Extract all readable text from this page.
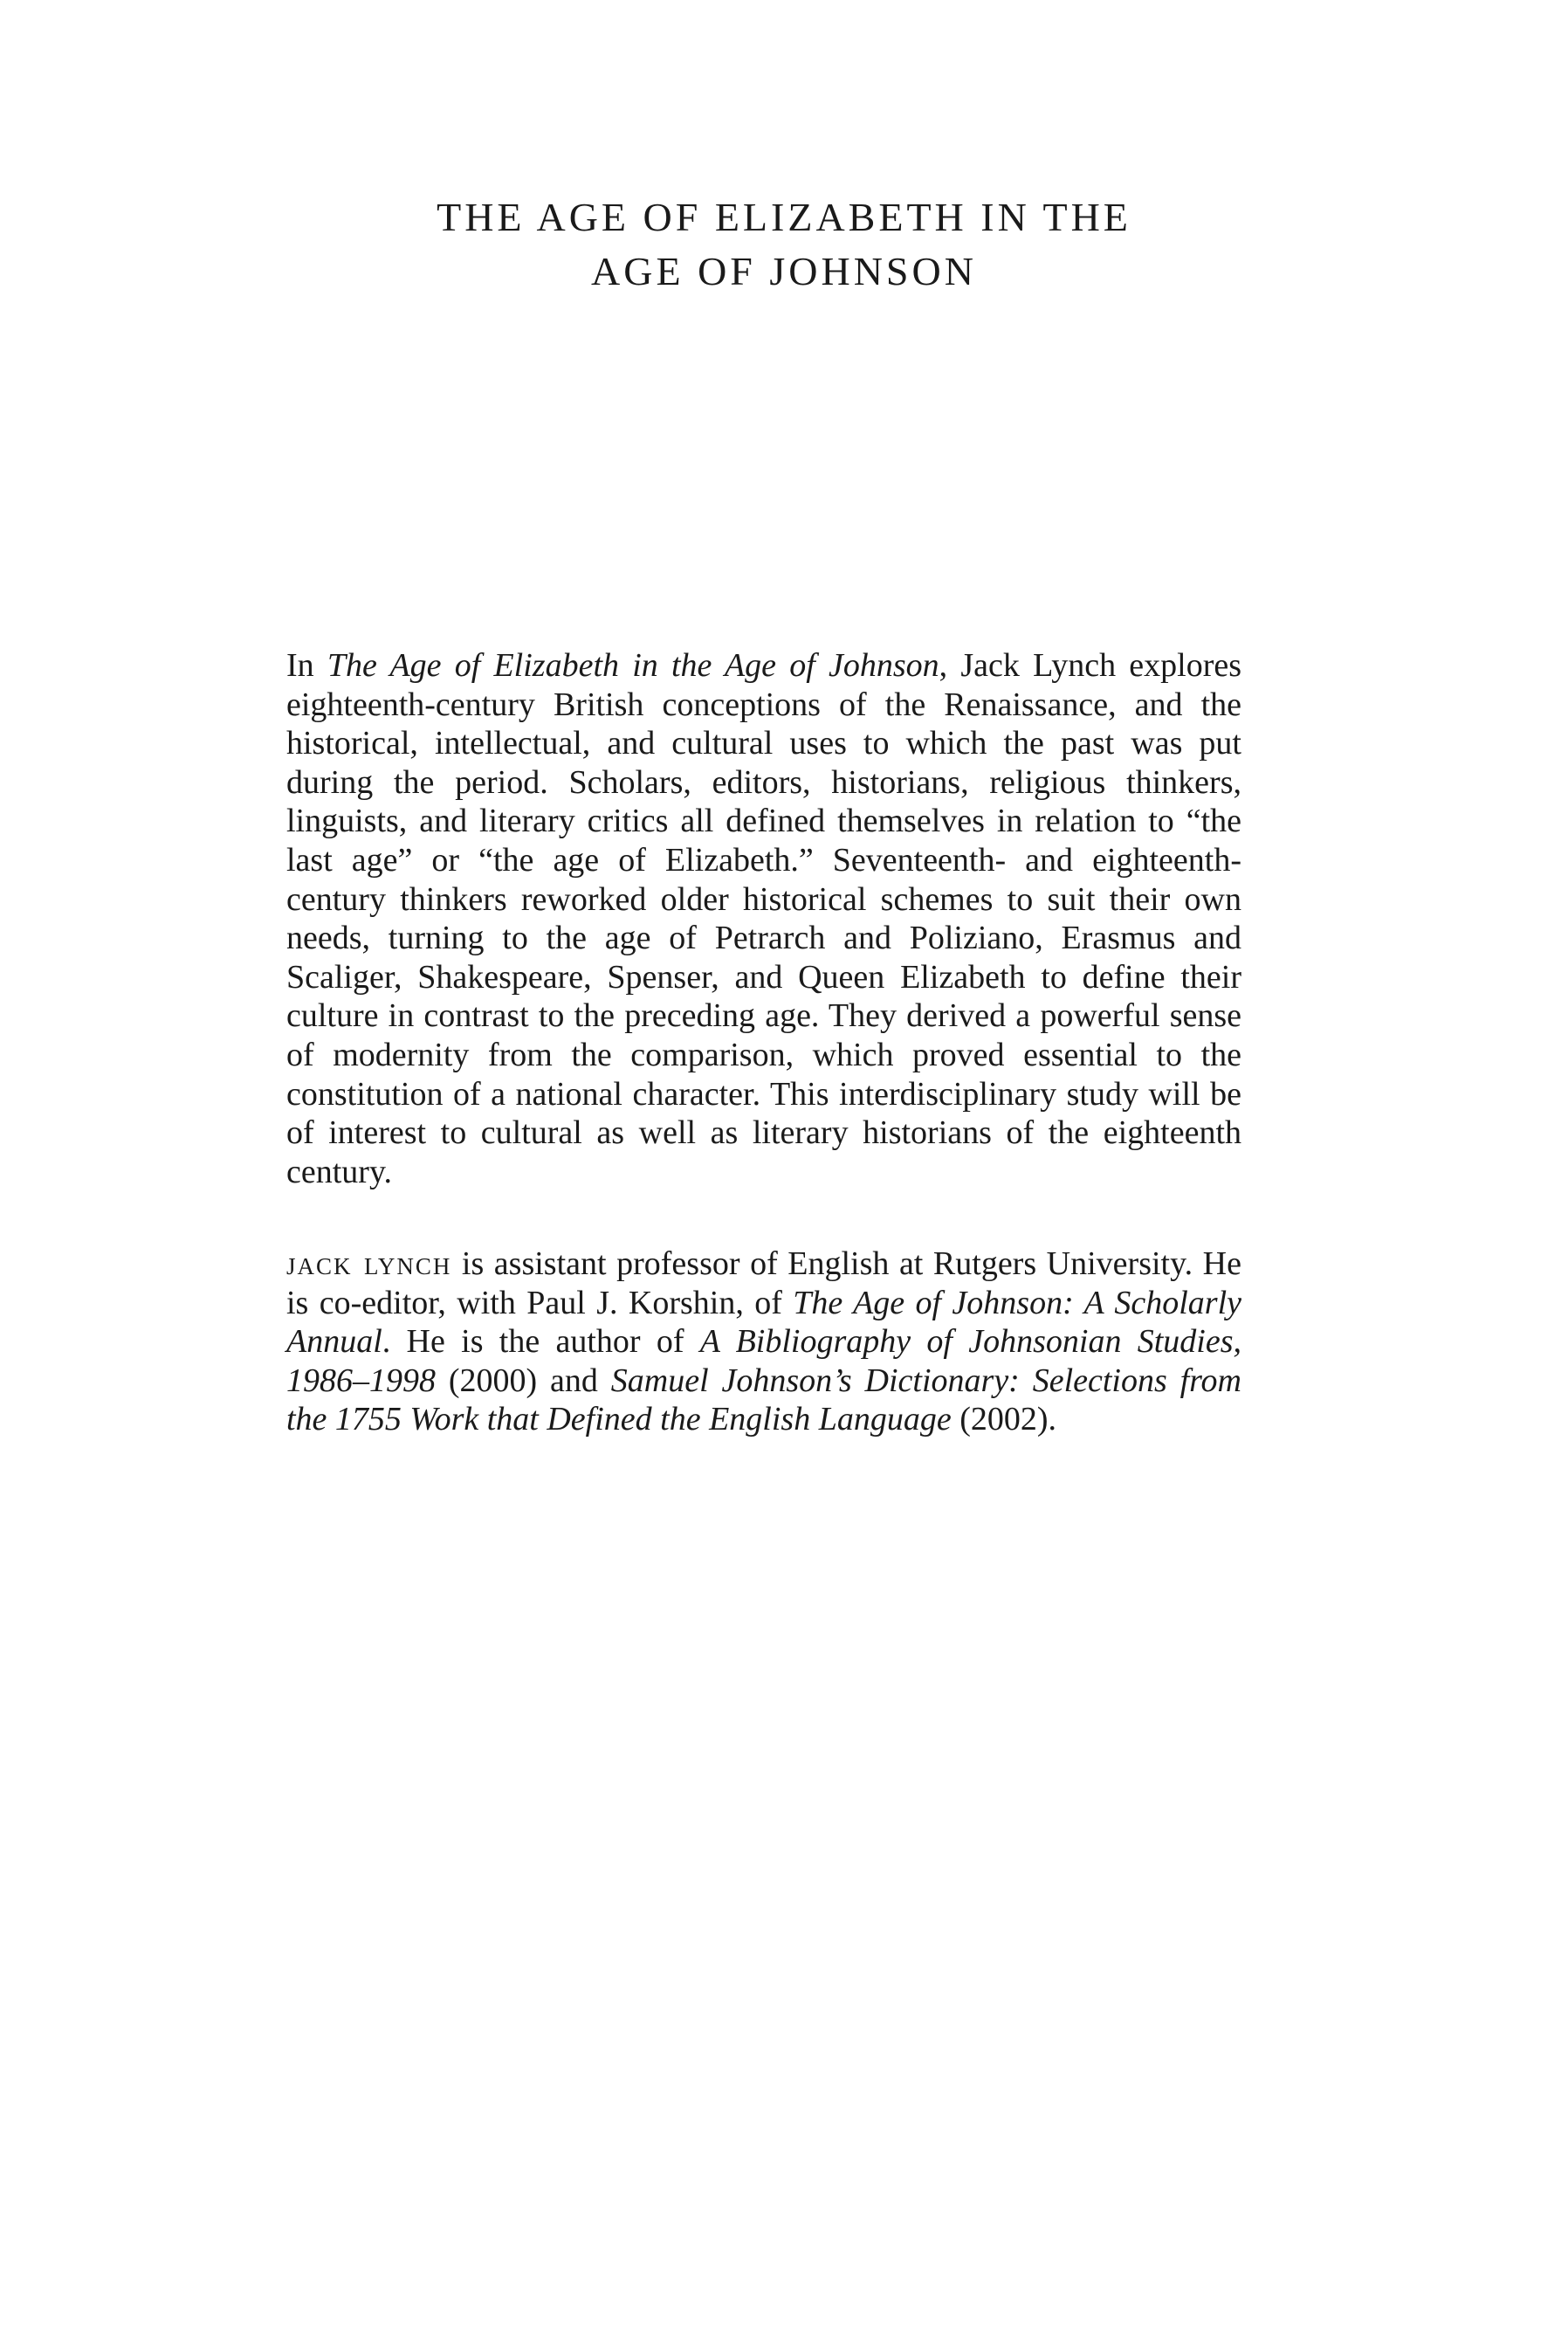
THE AGE OF ELIZABETH IN THE
AGE OF JOHNSON

In The Age of Elizabeth in the Age of Johnson, Jack Lynch explores eighteenth-century British conceptions of the Renaissance, and the historical, intellectual, and cultural uses to which the past was put during the period. Scholars, editors, historians, religious thinkers, linguists, and literary critics all defined themselves in relation to “the last age” or “the age of Elizabeth.” Seventeenth- and eighteenth-century thinkers reworked older historical schemes to suit their own needs, turning to the age of Petrarch and Poliziano, Erasmus and Scaliger, Shakespeare, Spenser, and Queen Elizabeth to define their culture in contrast to the preceding age. They derived a powerful sense of modernity from the comparison, which proved essential to the constitution of a national character. This interdisciplinary study will be of interest to cultural as well as literary historians of the eighteenth century.

jack lynch is assistant professor of English at Rutgers University. He is co-editor, with Paul J. Korshin, of The Age of Johnson: A Scholarly Annual. He is the author of A Bibliography of Johnsonian Studies, 1986–1998 (2000) and Samuel Johnson’s Dictionary: Selections from the 1755 Work that Defined the English Language (2002).
